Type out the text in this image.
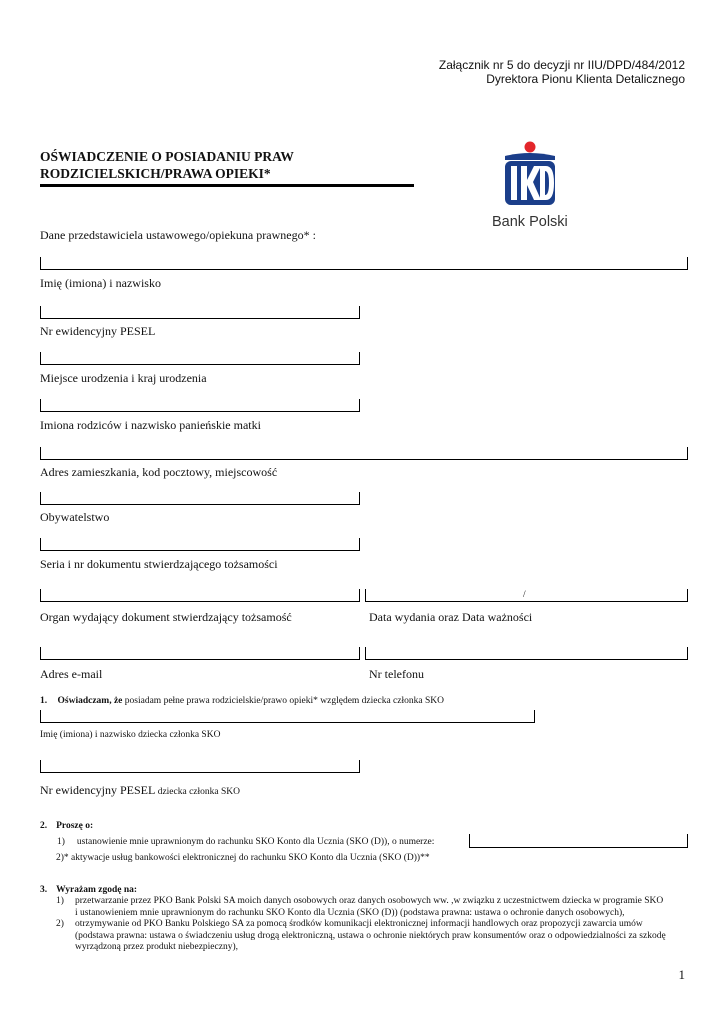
Załącznik nr 5 do decyzji nr IIU/DPD/484/2012
Dyrektora Pionu Klienta Detalicznego
OŚWIADCZENIE O POSIADANIU PRAW
RODZICIELSKICH/PRAWA OPIEKI*
Bank Polski
Dane przedstawiciela ustawowego/opiekuna prawnego* :
Imię (imiona) i nazwisko
Nr ewidencyjny PESEL
Miejsce urodzenia i kraj urodzenia
Imiona rodziców i nazwisko panieńskie matki
Adres zamieszkania, kod pocztowy, miejscowość
Obywatelstwo
Seria i nr dokumentu stwierdzającego tożsamości
/
Organ wydający dokument stwierdzający tożsamość	Data wydania oraz Data ważności
Adres e-mail	Nr telefonu
1. Oświadczam, że posiadam pełne prawa rodzicielskie/prawo opieki* względem dziecka członka SKO
Imię (imiona) i nazwisko dziecka członka SKO
Nr ewidencyjny PESEL dziecka członka SKO
2. Proszę o:
1) ustanowienie mnie uprawnionym do rachunku SKO Konto dla Ucznia (SKO (D)), o numerze:
2)* aktywacje usług bankowości elektronicznej do rachunku SKO Konto dla Ucznia (SKO (D))**
3. Wyrażam zgodę na:
1) przetwarzanie przez PKO Bank Polski SA moich danych osobowych oraz danych osobowych ww. ,w związku z uczestnictwem dziecka w programie SKO
i ustanowieniem mnie uprawnionym do rachunku SKO Konto dla Ucznia (SKO (D)) (podstawa prawna: ustawa o ochronie danych osobowych),
2) otrzymywanie od PKO Banku Polskiego SA za pomocą środków komunikacji elektronicznej informacji handlowych oraz propozycji zawarcia umów
(podstawa prawna: ustawa o świadczeniu usług drogą elektroniczną, ustawa o ochronie niektórych praw konsumentów oraz o odpowiedzialności za szkodę
wyrządzoną przez produkt niebezpieczny),
1
